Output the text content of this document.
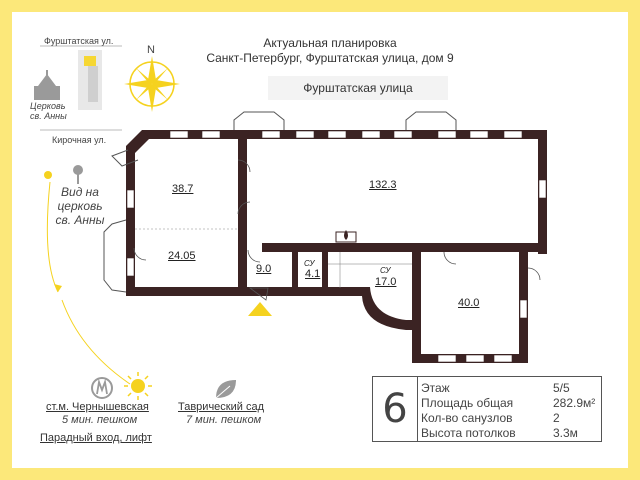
Актуальная планировка
Санкт-Петербург, Фурштатская улица, дом 9
Фурштатская улица
Фурштатская ул.
Церковь
св. Анны
Кирочная ул.
N
Вид на
церковь
св. Анны
38.7	132.3
24.05
9.0	СУ
4.1	СУ
17.0
40.0
ст.м. Чернышевская
5 мин. пешком
Таврический сад
7 мин. пешком
Парадный вход, лифт
6	Этаж	5/5
Площадь общая	282.9м²
Кол-во санузлов	2
Высота потолков	3.3м
